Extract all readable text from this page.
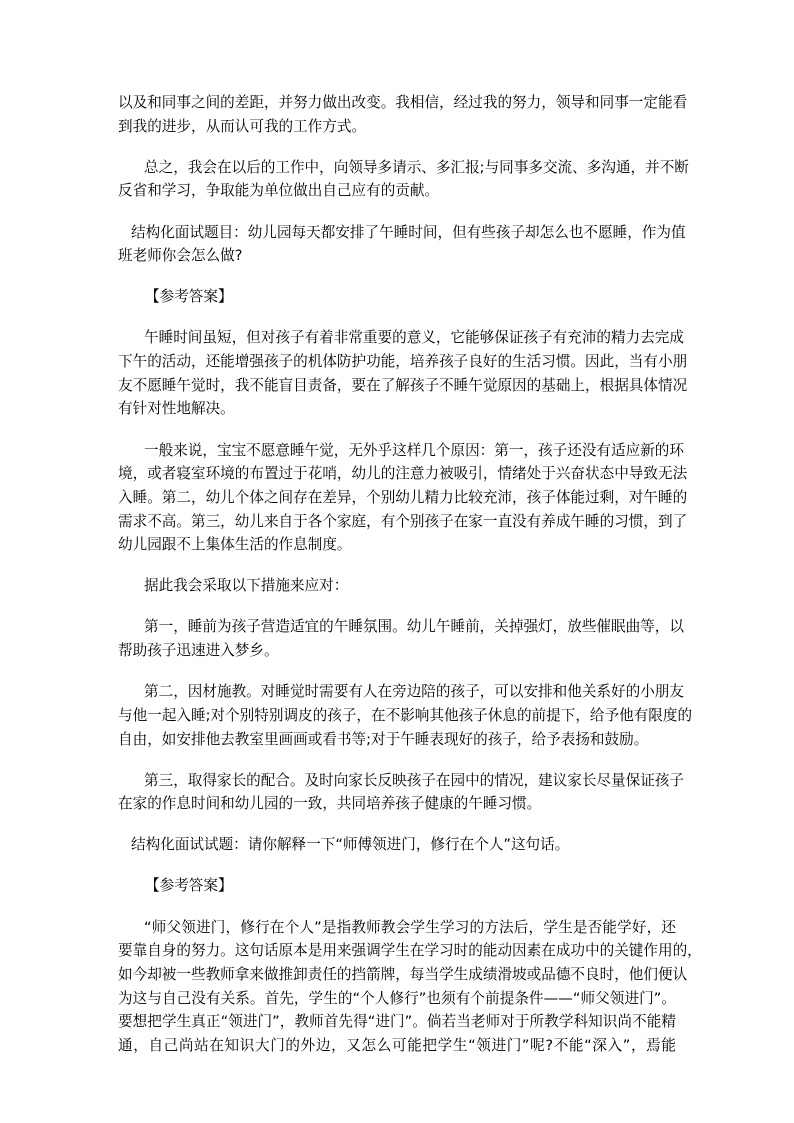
以及和同事之间的差距，并努力做出改变。我相信，经过我的努力，领导和同事一定能看
到我的进步，从而认可我的工作方式。
总之，我会在以后的工作中，向领导多请示、多汇报;与同事多交流、多沟通，并不断
反省和学习，争取能为单位做出自己应有的贡献。
结构化面试题目：幼儿园每天都安排了午睡时间，但有些孩子却怎么也不愿睡，作为值
班老师你会怎么做?
【参考答案】
午睡时间虽短，但对孩子有着非常重要的意义，它能够保证孩子有充沛的精力去完成
下午的活动，还能增强孩子的机体防护功能，培养孩子良好的生活习惯。因此，当有小朋
友不愿睡午觉时，我不能盲目责备，要在了解孩子不睡午觉原因的基础上，根据具体情况
有针对性地解决。
一般来说，宝宝不愿意睡午觉，无外乎这样几个原因：第一，孩子还没有适应新的环
境，或者寝室环境的布置过于花哨，幼儿的注意力被吸引，情绪处于兴奋状态中导致无法
入睡。第二，幼儿个体之间存在差异，个别幼儿精力比较充沛，孩子体能过剩，对午睡的
需求不高。第三，幼儿来自于各个家庭，有个别孩子在家一直没有养成午睡的习惯，到了
幼儿园跟不上集体生活的作息制度。
据此我会采取以下措施来应对：
第一，睡前为孩子营造适宜的午睡氛围。幼儿午睡前，关掉强灯，放些催眠曲等，以
帮助孩子迅速进入梦乡。
第二，因材施教。对睡觉时需要有人在旁边陪的孩子，可以安排和他关系好的小朋友
与他一起入睡;对个别特别调皮的孩子，在不影响其他孩子休息的前提下，给予他有限度的
自由，如安排他去教室里画画或看书等;对于午睡表现好的孩子，给予表扬和鼓励。
第三，取得家长的配合。及时向家长反映孩子在园中的情况，建议家长尽量保证孩子
在家的作息时间和幼儿园的一致，共同培养孩子健康的午睡习惯。
结构化面试试题：请你解释一下“师傅领进门，修行在个人”这句话。
【参考答案】
“师父领进门，修行在个人”是指教师教会学生学习的方法后，学生是否能学好，还
要靠自身的努力。这句话原本是用来强调学生在学习时的能动因素在成功中的关键作用的，
如今却被一些教师拿来做推卸责任的挡箭牌，每当学生成绩滑坡或品德不良时，他们便认
为这与自己没有关系。首先，学生的“个人修行”也须有个前提条件——“师父领进门”。
要想把学生真正“领进门”，教师首先得“进门”。倘若当老师对于所教学科知识尚不能精
通，自己尚站在知识大门的外边，又怎么可能把学生“领进门”呢?不能“深入”，焉能
